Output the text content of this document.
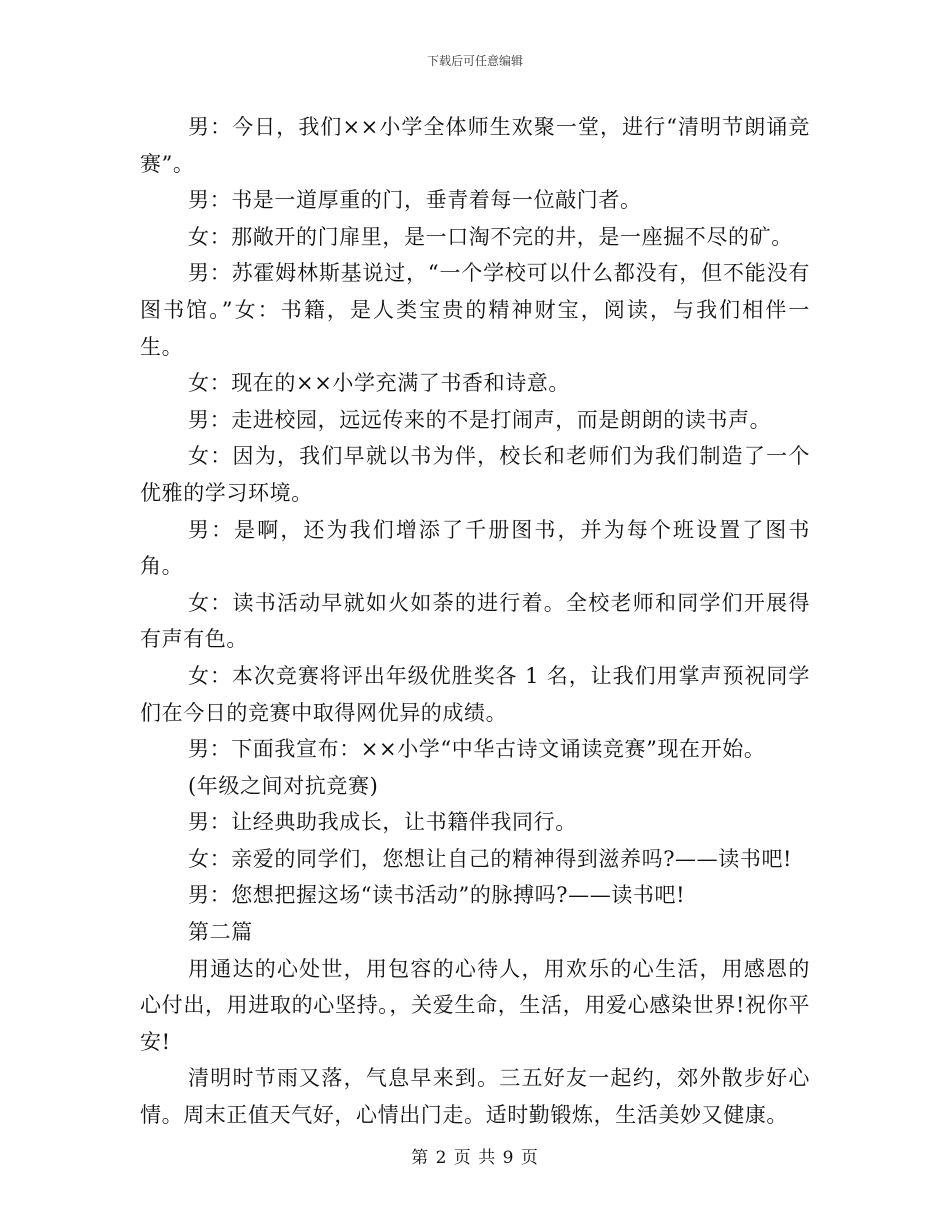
下载后可任意编辑

男：今日，我们××小学全体师生欢聚一堂，进行“清明节朗诵竞赛”。

男：书是一道厚重的门，垂青着每一位敲门者。

女：那敞开的门扉里，是一口淘不完的井，是一座掘不尽的矿。

男：苏霍姆林斯基说过，“一个学校可以什么都没有，但不能没有图书馆。”女：书籍，是人类宝贵的精神财宝，阅读，与我们相伴一生。

女：现在的××小学充满了书香和诗意。

男：走进校园，远远传来的不是打闹声，而是朗朗的读书声。

女：因为，我们早就以书为伴，校长和老师们为我们制造了一个优雅的学习环境。

男：是啊，还为我们增添了千册图书，并为每个班设置了图书角。

女：读书活动早就如火如荼的进行着。全校老师和同学们开展得有声有色。

女：本次竞赛将评出年级优胜奖各 1 名，让我们用掌声预祝同学们在今日的竞赛中取得网优异的成绩。

男：下面我宣布：××小学“中华古诗文诵读竞赛”现在开始。

(年级之间对抗竞赛)

男：让经典助我成长，让书籍伴我同行。

女：亲爱的同学们，您想让自己的精神得到滋养吗?——读书吧!

男：您想把握这场“读书活动”的脉搏吗?——读书吧!

第二篇

用通达的心处世，用包容的心待人，用欢乐的心生活，用感恩的心付出，用进取的心坚持。，关爱生命，生活，用爱心感染世界!祝你平安!

清明时节雨又落，气息早来到。三五好友一起约，郊外散步好心情。周末正值天气好，心情出门走。适时勤锻炼，生活美妙又健康。

第 2 页 共 9 页
